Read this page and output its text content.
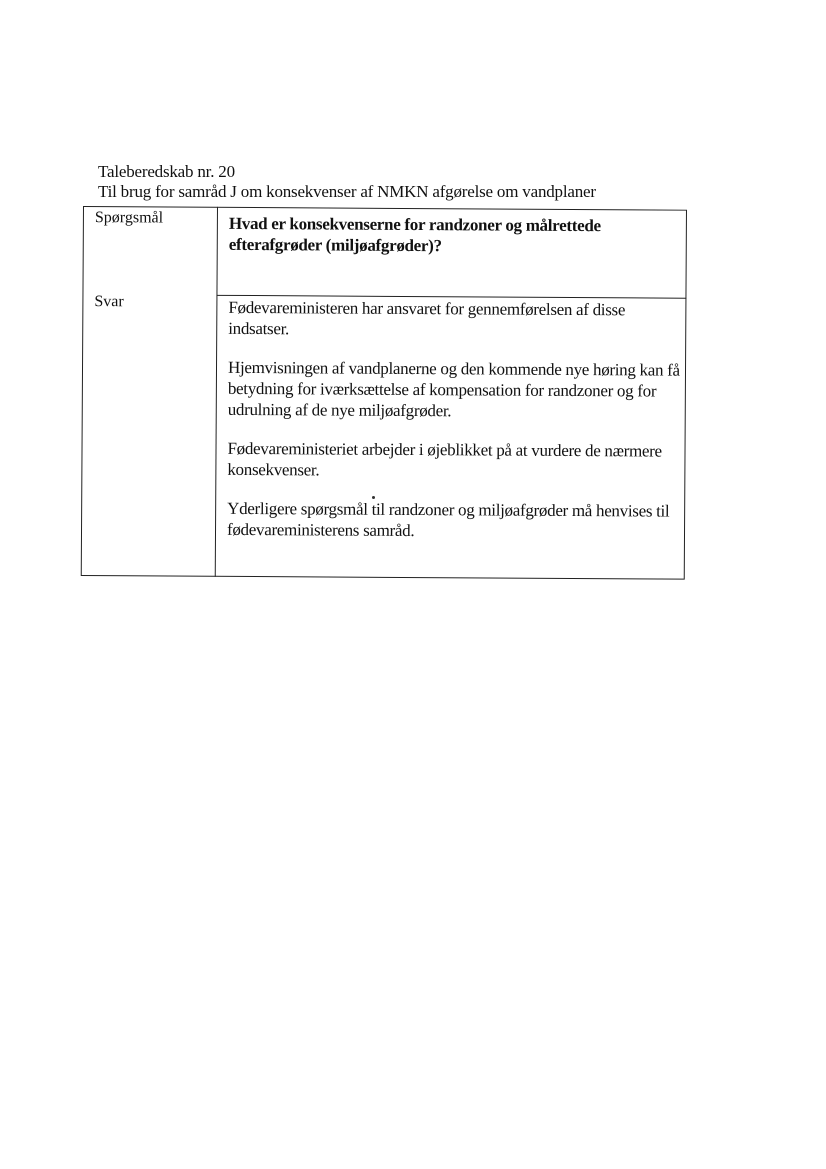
Taleberedskab nr. 20
Til brug for samråd J om konsekvenser af NMKN afgørelse om vandplaner
Spørgsmål	Hvad er konsekvenserne for randzoner og målrettede efterafgrøder (miljøafgrøder)?
Svar	Fødevareministeren har ansvaret for gennemførelsen af disse indsatser.

Hjemvisningen af vandplanerne og den kommende nye høring kan få betydning for iværksættelse af kompensation for randzoner og for udrulning af de nye miljøafgrøder.

Fødevareministeriet arbejder i øjeblikket på at vurdere de nærmere konsekvenser.

Yderligere spørgsmål til randzoner og miljøafgrøder må henvises til fødevareministerens samråd.
